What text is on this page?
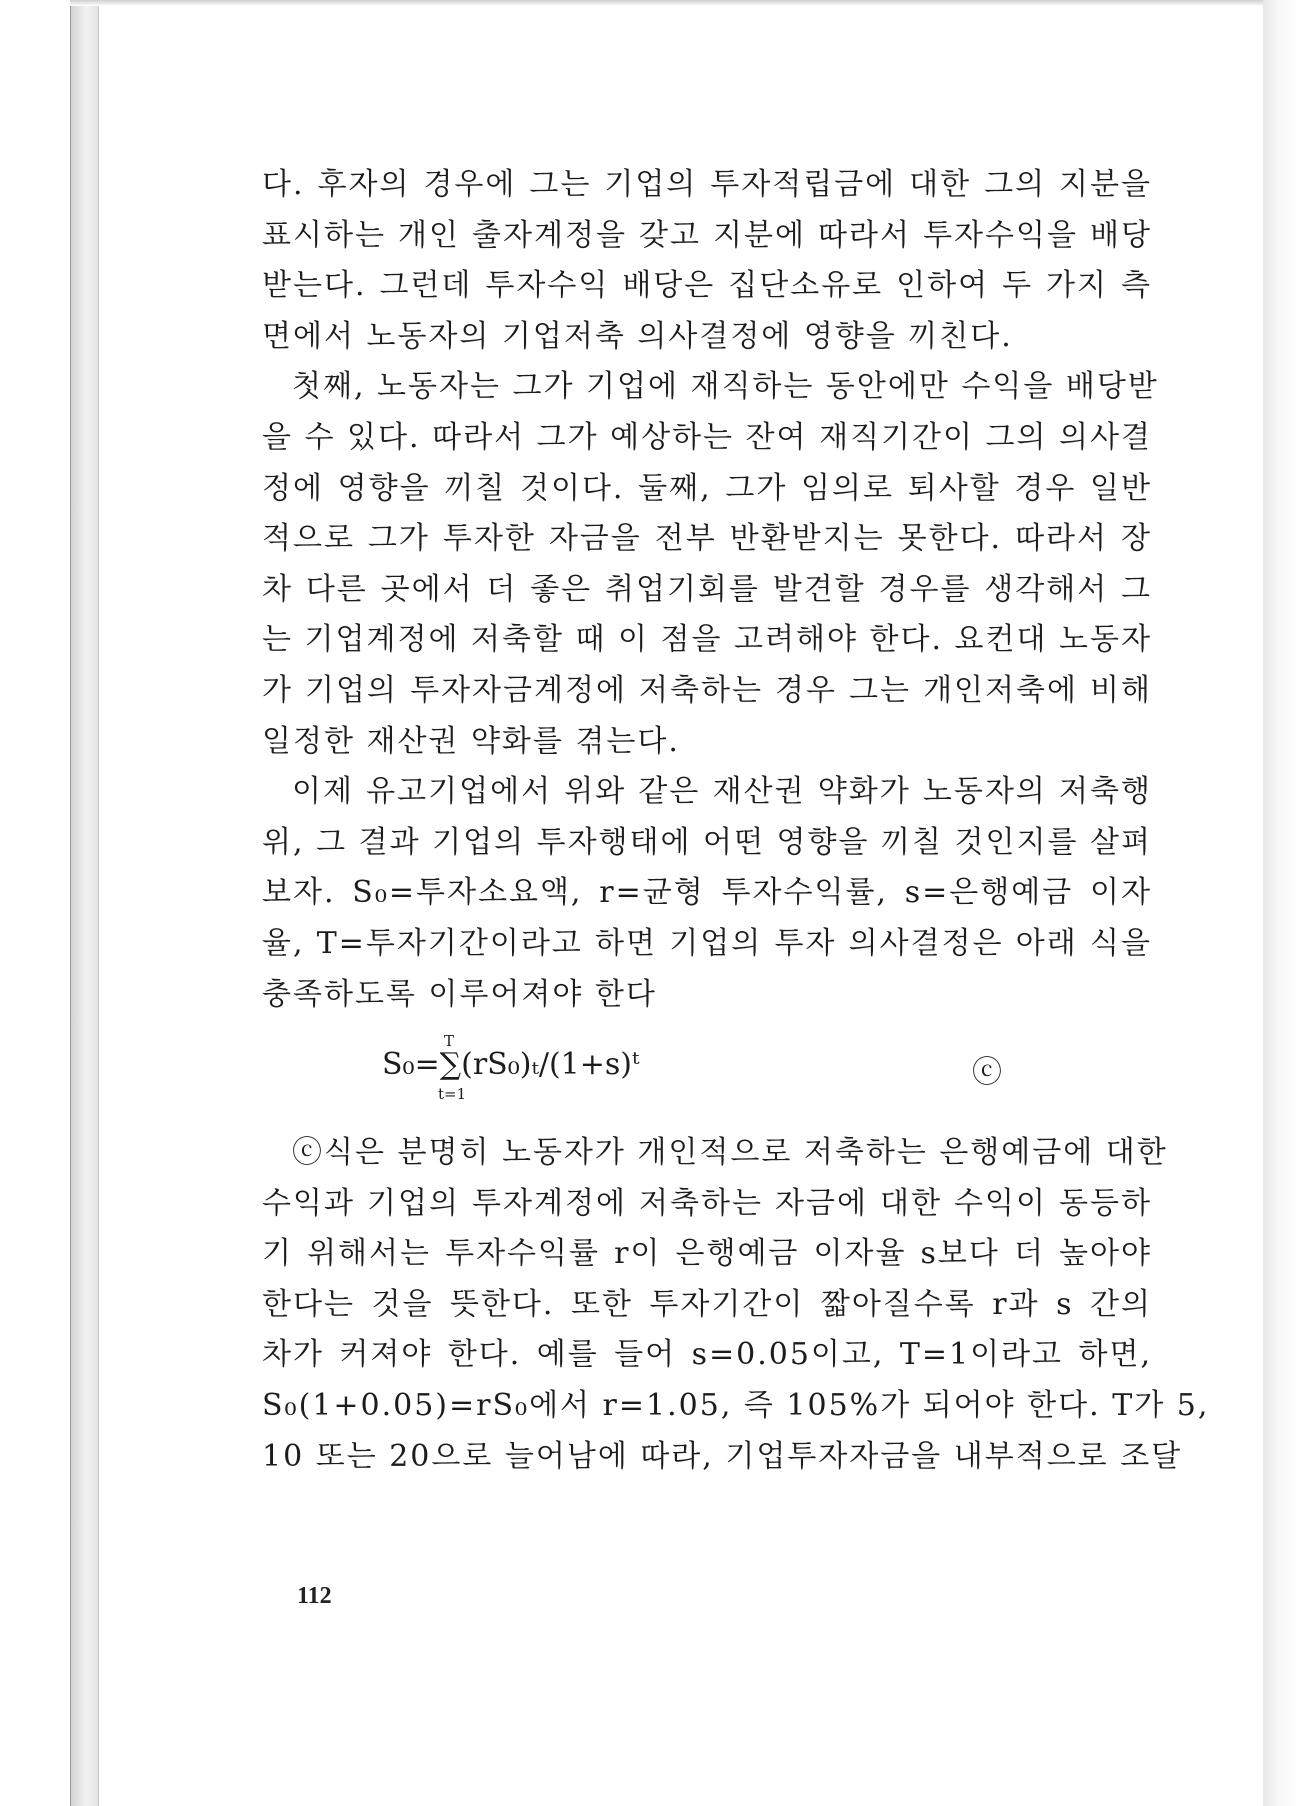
다. 후자의 경우에 그는 기업의 투자적립금에 대한 그의 지분을
표시하는 개인 출자계정을 갖고 지분에 따라서 투자수익을 배당
받는다. 그런데 투자수익 배당은 집단소유로 인하여 두 가지 측
면에서 노동자의 기업저축 의사결정에 영향을 끼친다.
첫째, 노동자는 그가 기업에 재직하는 동안에만 수익을 배당받
을 수 있다. 따라서 그가 예상하는 잔여 재직기간이 그의 의사결
정에 영향을 끼칠 것이다. 둘째, 그가 임의로 퇴사할 경우 일반
적으로 그가 투자한 자금을 전부 반환받지는 못한다. 따라서 장
차 다른 곳에서 더 좋은 취업기회를 발견할 경우를 생각해서 그
는 기업계정에 저축할 때 이 점을 고려해야 한다. 요컨대 노동자
가 기업의 투자자금계정에 저축하는 경우 그는 개인저축에 비해
일정한 재산권 약화를 겪는다.
이제 유고기업에서 위와 같은 재산권 약화가 노동자의 저축행
위, 그 결과 기업의 투자행태에 어떤 영향을 끼칠 것인지를 살펴
보자. S₀=투자소요액, r=균형 투자수익률, s=은행예금 이자
율, T=투자기간이라고 하면 기업의 투자 의사결정은 아래 식을
충족하도록 이루어져야 한다
T
S₀=∑(rS₀)ₜ/(1+s)ᵗ
t=1
ⓒ
ⓒ식은 분명히 노동자가 개인적으로 저축하는 은행예금에 대한
수익과 기업의 투자계정에 저축하는 자금에 대한 수익이 동등하
기 위해서는 투자수익률 r이 은행예금 이자율 s보다 더 높아야
한다는 것을 뜻한다. 또한 투자기간이 짧아질수록 r과 s 간의
차가 커져야 한다. 예를 들어 s=0.05이고, T=1이라고 하면,
S₀(1+0.05)=rS₀에서 r=1.05, 즉 105%가 되어야 한다. T가 5,
10 또는 20으로 늘어남에 따라, 기업투자자금을 내부적으로 조달
112
